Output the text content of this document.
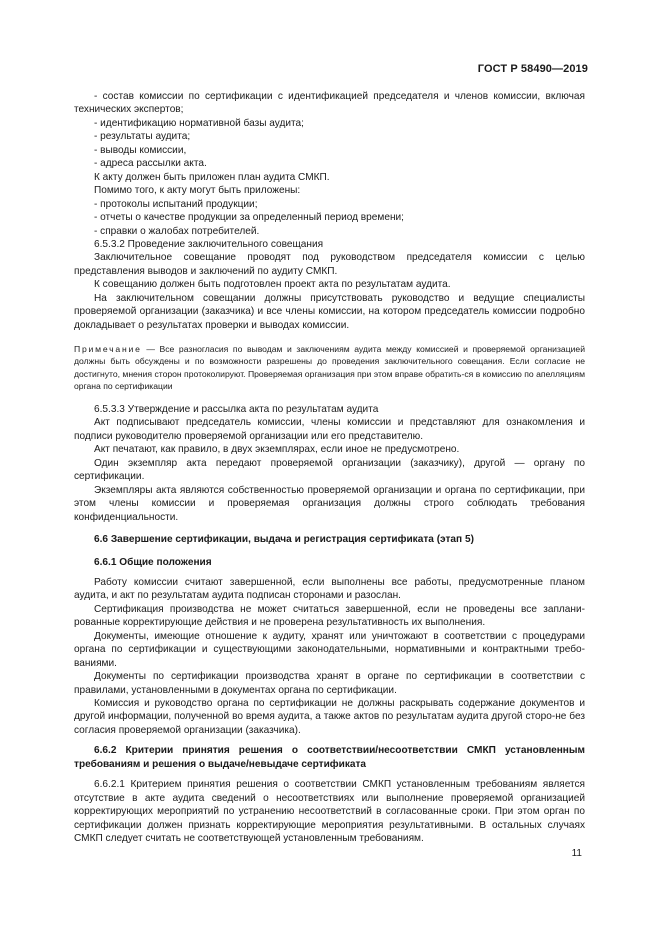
ГОСТ Р 58490—2019

- состав комиссии по сертификации с идентификацией председателя и членов комиссии, включая технических экспертов;

- идентификацию нормативной базы аудита;

- результаты аудита;

- выводы комиссии,

- адреса рассылки акта.

К акту должен быть приложен план аудита СМКП.

Помимо того, к акту могут быть приложены:

- протоколы испытаний продукции;

- отчеты о качестве продукции за определенный период времени;

- справки о жалобах потребителей.

6.5.3.2 Проведение заключительного совещания

Заключительное совещание проводят под руководством председателя комиссии с целью представления выводов и заключений по аудиту СМКП.

К совещанию должен быть подготовлен проект акта по результатам аудита.

На заключительном совещании должны присутствовать руководство и ведущие специалисты проверяемой организации (заказчика) и все члены комиссии, на котором председатель комиссии подробно докладывает о результатах проверки и выводах комиссии.

Примечание — Все разногласия по выводам и заключениям аудита между комиссией и проверяемой организацией должны быть обсуждены и по возможности разрешены до проведения заключительного совещания. Если согласие не достигнуто, мнения сторон протоколируют. Проверяемая организация при этом вправе обратить-ся в комиссию по апелляциям органа по сертификации

6.5.3.3 Утверждение и рассылка акта по результатам аудита

Акт подписывают председатель комиссии, члены комиссии и представляют для ознакомления и подписи руководителю проверяемой организации или его представителю.

Акт печатают, как правило, в двух экземплярах, если иное не предусмотрено.

Один экземпляр акта передают проверяемой организации (заказчику), другой — органу по сертификации.

Экземпляры акта являются собственностью проверяемой организации и органа по сертификации, при этом члены комиссии и проверяемая организация должны строго соблюдать требования конфиденциальности.

6.6 Завершение сертификации, выдача и регистрация сертификата (этап 5)

6.6.1 Общие положения

Работу комиссии считают завершенной, если выполнены все работы, предусмотренные планом аудита, и акт по результатам аудита подписан сторонами и разослан.

Сертификация производства не может считаться завершенной, если не проведены все заплани-рованные корректирующие действия и не проверена результативность их выполнения.

Документы, имеющие отношение к аудиту, хранят или уничтожают в соответствии с процедурами органа по сертификации и существующими законодательными, нормативными и контрактными требо-ваниями.

Документы по сертификации производства хранят в органе по сертификации в соответствии с правилами, установленными в документах органа по сертификации.

Комиссия и руководство органа по сертификации не должны раскрывать содержание документов и другой информации, полученной во время аудита, а также актов по результатам аудита другой сторо-не без согласия проверяемой организации (заказчика).

6.6.2 Критерии принятия решения о соответствии/несоответствии СМКП установленным требованиям и решения о выдаче/невыдаче сертификата

6.6.2.1 Критерием принятия решения о соответствии СМКП установленным требованиям является отсутствие в акте аудита сведений о несоответствиях или выполнение проверяемой организацией корректирующих мероприятий по устранению несоответствий в согласованные сроки. При этом орган по сертификации должен признать корректирующие мероприятия результативными. В остальных случаях СМКП следует считать не соответствующей установленным требованиям.

11
